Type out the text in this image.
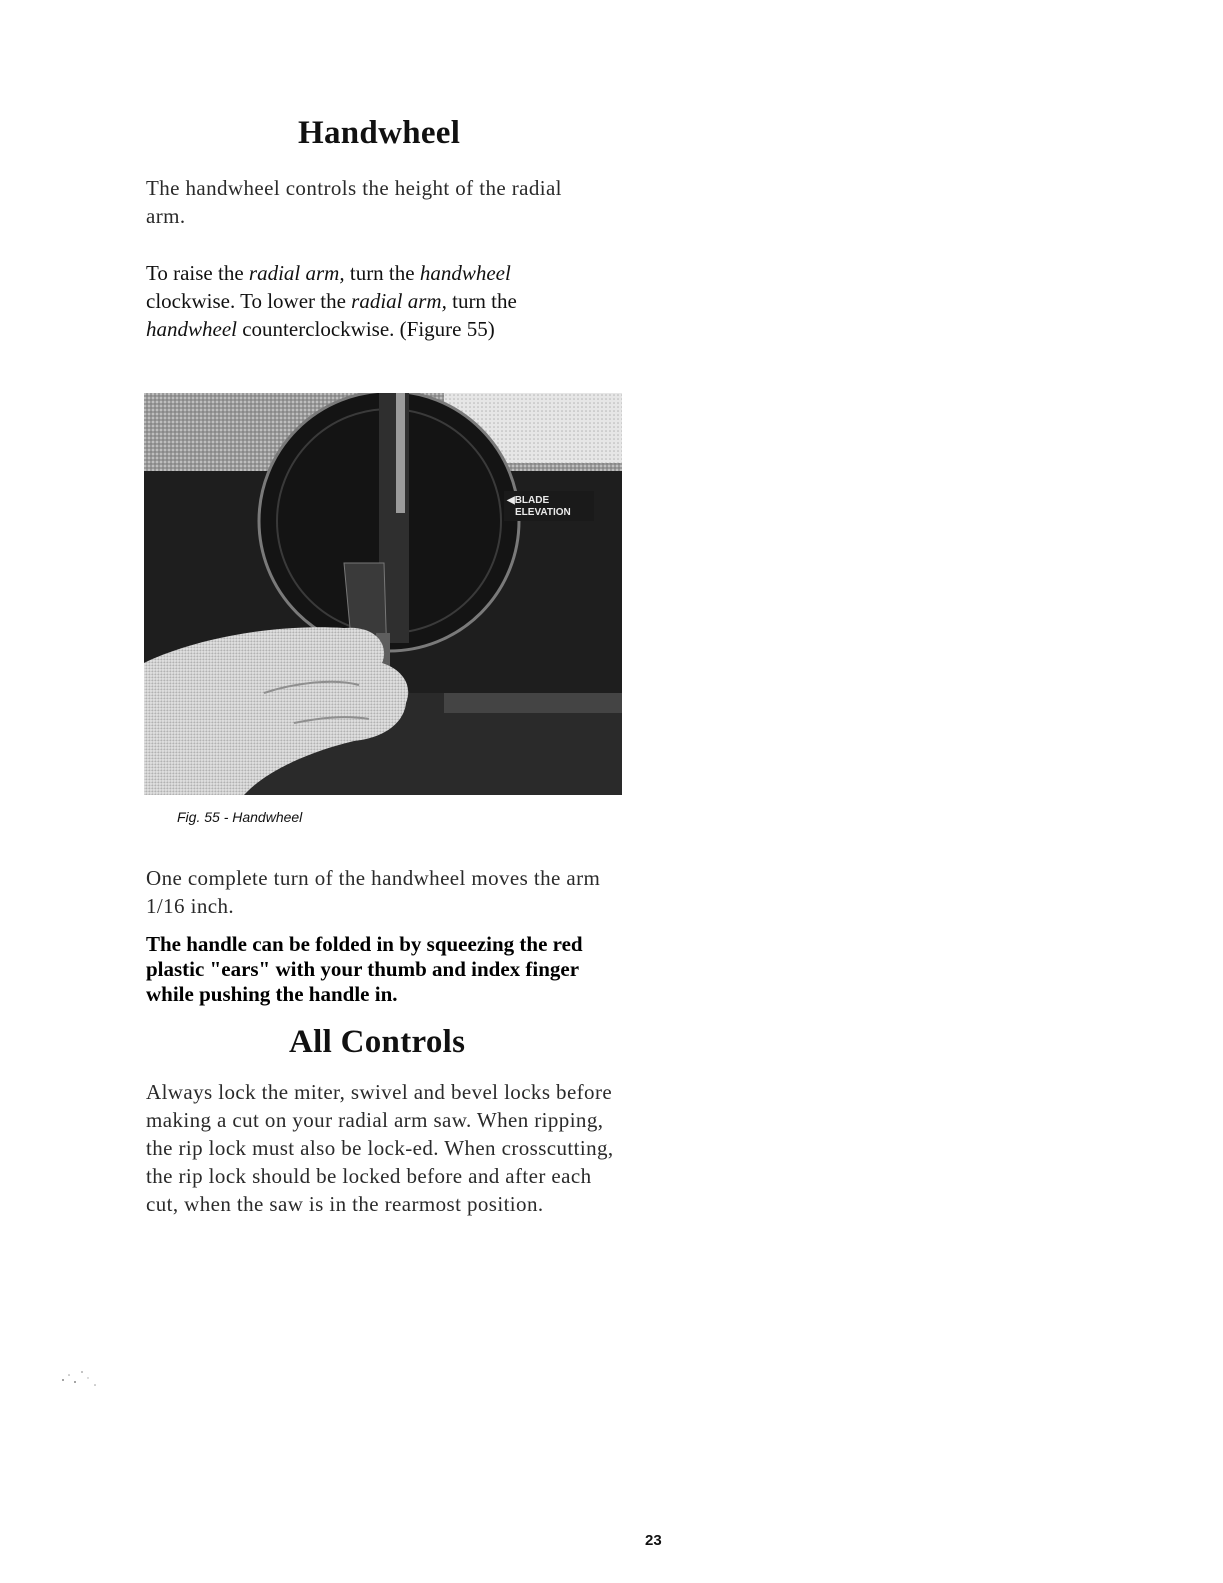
Handwheel

The handwheel controls the height of the radial arm.

To raise the radial arm, turn the handwheel clockwise. To lower the radial arm, turn the handwheel counterclockwise. (Figure 55)

◀BLADE
ELEVATION

Fig. 55 - Handwheel

One complete turn of the handwheel moves the arm 1/16 inch.

The handle can be folded in by squeezing the red plastic "ears" with your thumb and index finger while pushing the handle in.

All Controls

Always lock the miter, swivel and bevel locks before making a cut on your radial arm saw. When ripping, the rip lock must also be lock-ed. When crosscutting, the rip lock should be locked before and after each cut, when the saw is in the rearmost position.

23
